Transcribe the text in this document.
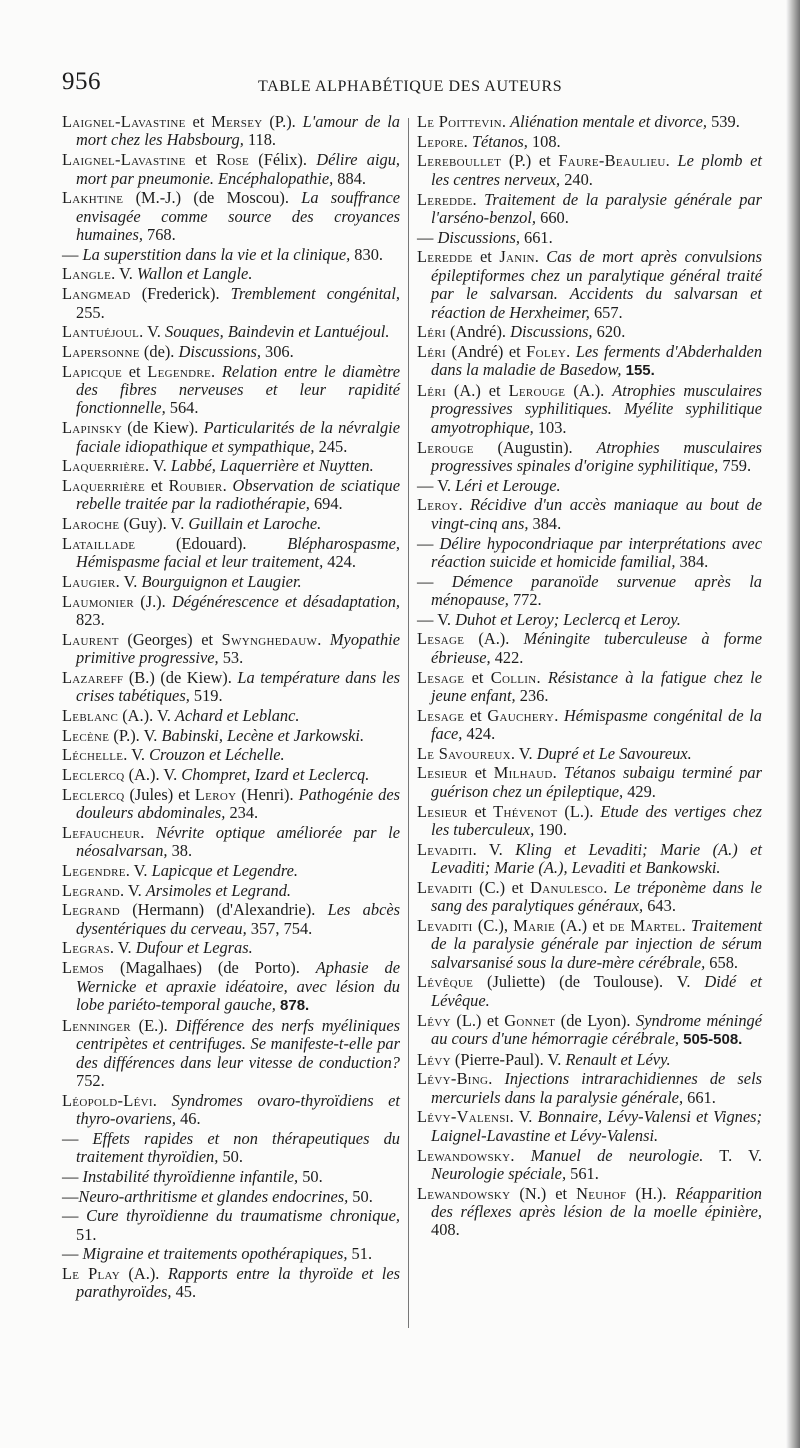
956	TABLE ALPHABÉTIQUE DES AUTEURS
Laignel-Lavastine et Mersey (P.). L'amour de la mort chez les Habsbourg, 118.
Laignel-Lavastine et Rose (Félix). Délire aigu, mort par pneumonie. Encéphalopathie, 884.
Lakhtine (M.-J.) (de Moscou). La souffrance envisagée comme source des croyances humaines, 768.
— La superstition dans la vie et la clinique, 830.
Langle. V. Wallon et Langle.
Langmead (Frederick). Tremblement congénital, 255.
Lantuéjoul. V. Souques, Baindevin et Lantuéjoul.
Lapersonne (de). Discussions, 306.
Lapicque et Legendre. Relation entre le diamètre des fibres nerveuses et leur rapidité fonctionnelle, 564.
Lapinsky (de Kiew). Particularités de la névralgie faciale idiopathique et sympathique, 245.
Laquerrière. V. Labbé, Laquerrière et Nuytten.
Laquerrière et Roubier. Observation de sciatique rebelle traitée par la radiothérapie, 694.
Laroche (Guy). V. Guillain et Laroche.
Lataillade (Edouard). Blépharospasme, Hémispasme facial et leur traitement, 424.
Laugier. V. Bourguignon et Laugier.
Laumonier (J.). Dégénérescence et désadaptation, 823.
Laurent (Georges) et Swynghedauw. Myopathie primitive progressive, 53.
Lazareff (B.) (de Kiew). La température dans les crises tabétiques, 519.
Leblanc (A.). V. Achard et Leblanc.
Lecène (P.). V. Babinski, Lecène et Jarkowski.
Léchelle. V. Crouzon et Léchelle.
Leclercq (A.). V. Chompret, Izard et Leclercq.
Leclercq (Jules) et Leroy (Henri). Pathogénie des douleurs abdominales, 234.
Lefaucheur. Névrite optique améliorée par le néosalvarsan, 38.
Legendre. V. Lapicque et Legendre.
Legrand. V. Arsimoles et Legrand.
Legrand (Hermann) (d'Alexandrie). Les abcès dysentériques du cerveau, 357, 754.
Legras. V. Dufour et Legras.
Lemos (Magalhaes) (de Porto). Aphasie de Wernicke et apraxie idéatoire, avec lésion du lobe pariéto-temporal gauche, 878.
Lenninger (E.). Différence des nerfs myéliniques centripètes et centrifuges. Se manifeste-t-elle par des différences dans leur vitesse de conduction? 752.
Léopold-Lévi. Syndromes ovaro-thyroïdiens et thyro-ovariens, 46.
— Effets rapides et non thérapeutiques du traitement thyroïdien, 50.
— Instabilité thyroïdienne infantile, 50.
—Neuro-arthritisme et glandes endocrines, 50.
— Cure thyroïdienne du traumatisme chronique, 51.
— Migraine et traitements opothérapiques, 51.
Le Play (A.). Rapports entre la thyroïde et les parathyroïdes, 45.
Le Poittevin. Aliénation mentale et divorce, 539.
Lepore. Tétanos, 108.
Lereboullet (P.) et Faure-Beaulieu. Le plomb et les centres nerveux, 240.
Leredde. Traitement de la paralysie générale par l'arséno-benzol, 660.
— Discussions, 661.
Leredde et Janin. Cas de mort après convulsions épileptiformes chez un paralytique général traité par le salvarsan. Accidents du salvarsan et réaction de Herxheimer, 657.
Léri (André). Discussions, 620.
Léri (André) et Foley. Les ferments d'Abderhalden dans la maladie de Basedow, 155.
Léri (A.) et Lerouge (A.). Atrophies musculaires progressives syphilitiques. Myélite syphilitique amyotrophique, 103.
Lerouge (Augustin). Atrophies musculaires progressives spinales d'origine syphilitique, 759.
— V. Léri et Lerouge.
Leroy. Récidive d'un accès maniaque au bout de vingt-cinq ans, 384.
— Délire hypocondriaque par interprétations avec réaction suicide et homicide familial, 384.
— Démence paranoïde survenue après la ménopause, 772.
— V. Duhot et Leroy; Leclercq et Leroy.
Lesage (A.). Méningite tuberculeuse à forme ébrieuse, 422.
Lesage et Collin. Résistance à la fatigue chez le jeune enfant, 236.
Lesage et Gauchery. Hémispasme congénital de la face, 424.
Le Savoureux. V. Dupré et Le Savoureux.
Lesieur et Milhaud. Tétanos subaigu terminé par guérison chez un épileptique, 429.
Lesieur et Thévenot (L.). Etude des vertiges chez les tuberculeux, 190.
Levaditi. V. Kling et Levaditi; Marie (A.) et Levaditi; Marie (A.), Levaditi et Bankowski.
Levaditi (C.) et Danulesco. Le tréponème dans le sang des paralytiques généraux, 643.
Levaditi (C.), Marie (A.) et de Martel. Traitement de la paralysie générale par injection de sérum salvarsanisé sous la dure-mère cérébrale, 658.
Lévêque (Juliette) (de Toulouse). V. Didé et Lévêque.
Lévy (L.) et Gonnet (de Lyon). Syndrome méningé au cours d'une hémorragie cérébrale, 505-508.
Lévy (Pierre-Paul). V. Renault et Lévy.
Lévy-Bing. Injections intrarachidiennes de sels mercuriels dans la paralysie générale, 661.
Lévy-Valensi. V. Bonnaire, Lévy-Valensi et Vignes; Laignel-Lavastine et Lévy-Valensi.
Lewandowsky. Manuel de neurologie. T. V. Neurologie spéciale, 561.
Lewandowsky (N.) et Neuhof (H.). Réapparition des réflexes après lésion de la moelle épinière, 408.
